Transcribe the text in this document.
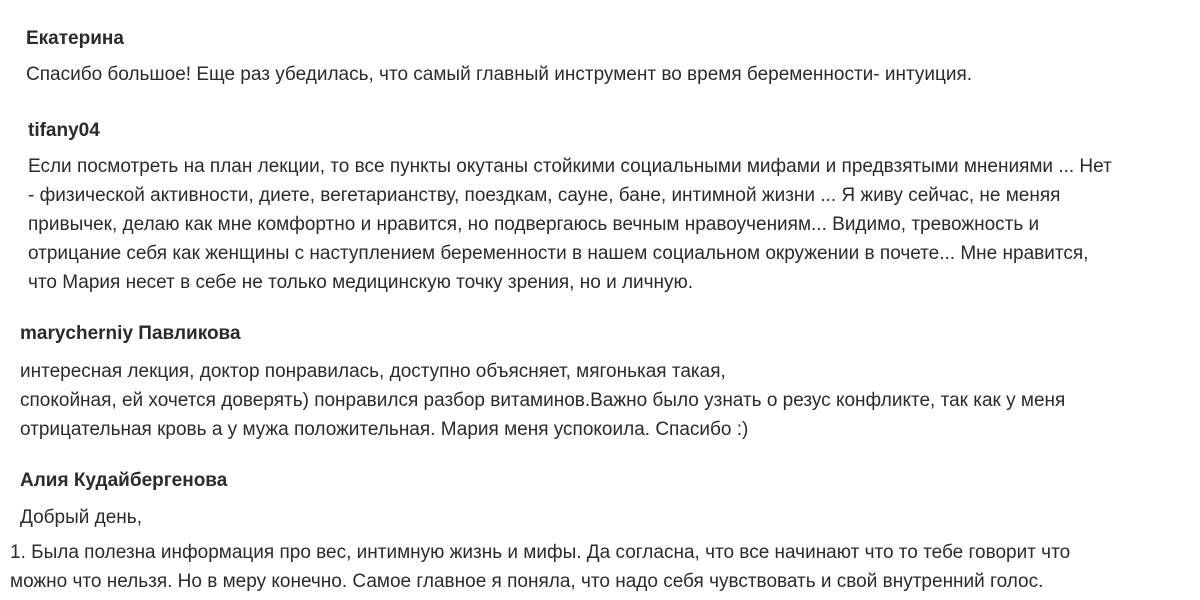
Екатерина
Спасибо большое! Еще раз убедилась, что самый главный инструмент во время беременности- интуиция.
tifany04
Если посмотреть на план лекции, то все пункты окутаны стойкими социальными мифами и предвзятыми мнениями ... Нет
- физической активности, диете, вегетарианству, поездкам, сауне, бане, интимной жизни ... Я живу сейчас, не меняя
привычек, делаю как мне комфортно и нравится, но подвергаюсь вечным нравоучениям... Видимо, тревожность и
отрицание себя как женщины с наступлением беременности в нашем социальном окружении в почете... Мне нравится,
что Мария несет в себе не только медицинскую точку зрения, но и личную.
marycherniy Павликова
интересная лекция, доктор понравилась, доступно объясняет, мягонькая такая,
спокойная, ей хочется доверять) понравился разбор витаминов.Важно было узнать о резус конфликте, так как у меня
отрицательная кровь а у мужа положительная. Мария меня успокоила. Спасибо :)
Алия Кудайбергенова
Добрый день,
1. Была полезна информация про вес, интимную жизнь и мифы. Да согласна, что все начинают что то тебе говорит что
можно что нельзя. Но в меру конечно. Самое главное я поняла, что надо себя чувствовать и свой внутренний голос.
